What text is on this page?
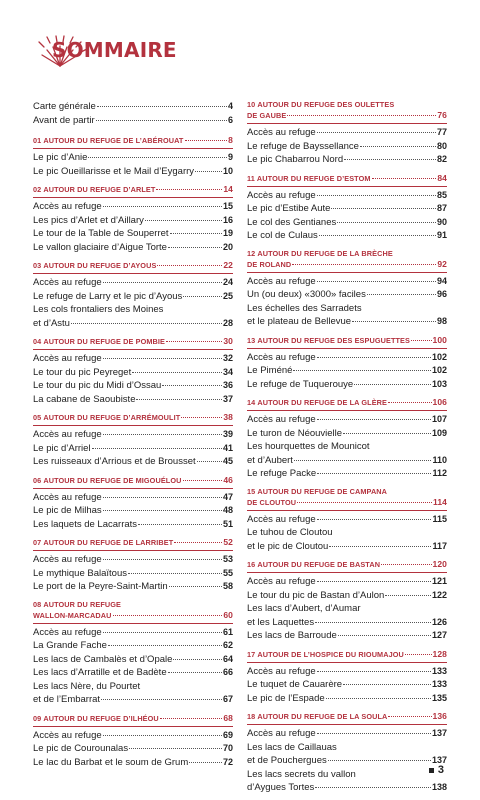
SOMMAIRE
Carte générale	4
Avant de partir	6
01 AUTOUR DU REFUGE DE L’ABÉROUAT	8
Le pic d’Anie	9
Le pic Oueillarisse et le Mail d’Eygarry	10
02 AUTOUR DU REFUGE D’ARLET	14
Accès au refuge	15
Les pics d’Arlet et d’Aillary	16
Le tour de la Table de Souperret	19
Le vallon glaciaire d’Aigue Torte	20
03 AUTOUR DU REFUGE D’AYOUS	22
Accès au refuge	24
Le refuge de Larry et le pic d’Ayous	25
Les cols frontaliers des Moines
et d’Astu	28
04 AUTOUR DU REFUGE DE POMBIE	30
Accès au refuge	32
Le tour du pic Peyreget	34
Le tour du pic du Midi d’Ossau	36
La cabane de Saoubiste	37
05 AUTOUR DU REFUGE D’ARRÉMOULIT	38
Accès au refuge	39
Le pic d’Arriel	41
Les ruisseaux d’Arrious et de Brousset	45
06 AUTOUR DU REFUGE DE MIGOUÉLOU	46
Accès au refuge	47
Le pic de Milhas	48
Les laquets de Lacarrats	51
07 AUTOUR DU REFUGE DE LARRIBET	52
Accès au refuge	53
Le mythique Balaïtous	55
Le port de la Peyre-Saint-Martin	58
08 AUTOUR DU REFUGE
WALLON-MARCADAU	60
Accès au refuge	61
La Grande Fache	62
Les lacs de Cambalès et d’Opale	64
Les lacs d’Arratille et de Badète	66
Les lacs Nère, du Pourtet
et de l’Embarrat	67
09 AUTOUR DU REFUGE D’ILHÉOU	68
Accès au refuge	69
Le pic de Courounalas	70
Le lac du Barbat et le soum de Grum	72
10 AUTOUR DU REFUGE DES OULETTES
DE GAUBE	76
Accès au refuge	77
Le refuge de Bayssellance	80
Le pic Chabarrou Nord	82
11 AUTOUR DU REFUGE D’ESTOM	84
Accès au refuge	85
Le pic d’Estibe Aute	87
Le col des Gentianes	90
Le col de Culaus	91
12 AUTOUR DU REFUGE DE LA BRÈCHE
DE ROLAND	92
Accès au refuge	94
Un (ou deux) «3000» faciles	96
Les échelles des Sarradets
et le plateau de Bellevue	98
13 AUTOUR DU REFUGE DES ESPUGUETTES	100
Accès au refuge	102
Le Piméné	102
Le refuge de Tuquerouye	103
14 AUTOUR DU REFUGE DE LA GLÈRE	106
Accès au refuge	107
Le turon de Néouvielle	109
Les hourquettes de Mounicot
et d’Aubert	110
Le refuge Packe	112
15 AUTOUR DU REFUGE DE CAMPANA
DE CLOUTOU	114
Accès au refuge	115
Le tuhou de Cloutou
et le pic de Cloutou	117
16 AUTOUR DU REFUGE DE BASTAN	120
Accès au refuge	121
Le tour du pic de Bastan d’Aulon	122
Les lacs d’Aubert, d’Aumar
et les Laquettes	126
Les lacs de Barroude	127
17 AUTOUR DE L’HOSPICE DU RIOUMAJOU	128
Accès au refuge	133
Le tuquet de Cauarère	133
Le pic de l’Espade	135
18 AUTOUR DU REFUGE DE LA SOULA	136
Accès au refuge	137
Les lacs de Caillauas
et de Pouchergues	137
Les lacs secrets du vallon
d’Aygues Tortes	138
3
